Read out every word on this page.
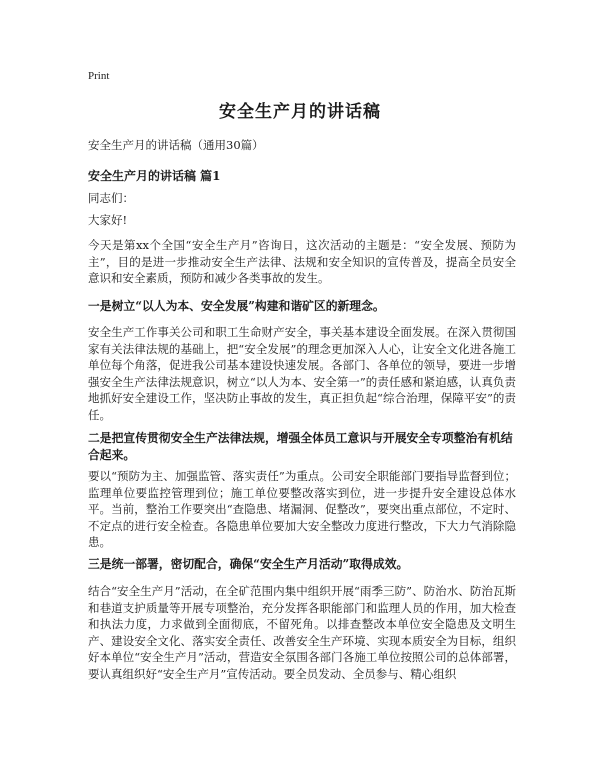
Print
安全生产月的讲话稿
安全生产月的讲话稿（通用30篇）
安全生产月的讲话稿 篇1
同志们：
大家好!
今天是第xx个全国“安全生产月”咨询日，这次活动的主题是：“安全发展、预防为主”，目的是进一步推动安全生产法律、法规和安全知识的宣传普及，提高全员安全意识和安全素质，预防和减少各类事故的发生。
一是树立“以人为本、安全发展”构建和谐矿区的新理念。
安全生产工作事关公司和职工生命财产安全，事关基本建设全面发展。在深入贯彻国家有关法律法规的基础上，把“安全发展”的理念更加深入人心，让安全文化进各施工单位每个角落，促进我公司基本建设快速发展。各部门、各单位的领导，要进一步增强安全生产法律法规意识，树立“以人为本、安全第一”的责任感和紧迫感，认真负责地抓好安全建设工作，坚决防止事故的发生，真正担负起“综合治理，保障平安”的责任。
二是把宣传贯彻安全生产法律法规，增强全体员工意识与开展安全专项整治有机结合起来。
要以“预防为主、加强监管、落实责任”为重点。公司安全职能部门要指导监督到位；监理单位要监控管理到位；施工单位要整改落实到位，进一步提升安全建设总体水平。当前，整治工作要突出“查隐患、堵漏洞、促整改”，要突出重点部位，不定时、不定点的进行安全检查。各隐患单位要加大安全整改力度进行整改，下大力气消除隐患。
三是统一部署，密切配合，确保“安全生产月活动”取得成效。
结合“安全生产月”活动，在全矿范围内集中组织开展“雨季三防”、防治水、防治瓦斯和巷道支护质量等开展专项整治，充分发挥各职能部门和监理人员的作用，加大检查和执法力度，力求做到全面彻底，不留死角。以排查整改本单位安全隐患及文明生产、建设安全文化、落实安全责任、改善安全生产环境、实现本质安全为目标，组织好本单位“安全生产月”活动，营造安全氛围各部门各施工单位按照公司的总体部署，要认真组织好“安全生产月”宣传活动。要全员发动、全员参与、精心组织
